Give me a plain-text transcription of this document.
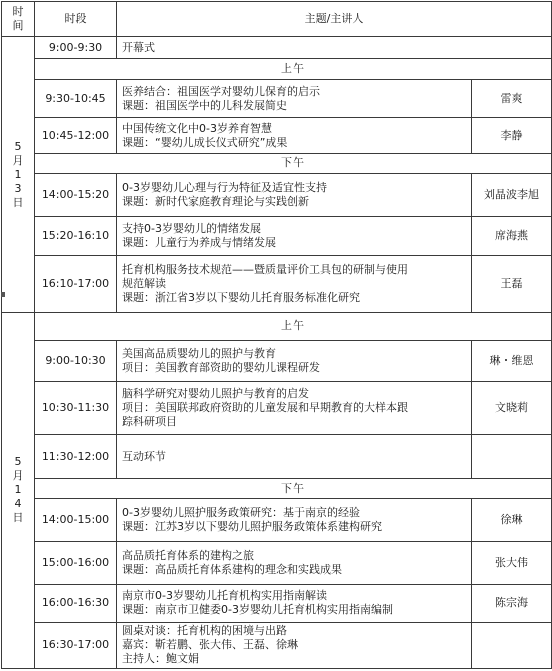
时
间	时段	主题/主讲人	

5
月
1
3
日	9:00-9:30	开幕式	

	上午		
	9:30-10:45	医养结合：祖国医学对婴幼儿保育的启示
课题：祖国医学中的儿科发展简史	雷爽
	10:45-12:00	中国传统文化中0-3岁养育智慧
课题：“婴幼儿成长仪式研究”成果	李静
	下午		
	14:00-15:20	0-3岁婴幼儿心理与行为特征及适宜性支持
课题：新时代家庭教育理论与实践创新	刘晶波李旭
	15:20-16:10	支持0-3岁婴幼儿的情绪发展
课题：儿童行为养成与情绪发展	席海燕
	16:10-17:00	托育机构服务技术规范——暨质量评价工具包的研制与使用
规范解读
课题：浙江省3岁以下婴幼儿托育服务标准化研究	王磊

5
月
1
4
日	上午		
	9:00-10:30	美国高品质婴幼儿的照护与教育
项目：美国教育部资助的婴幼儿课程研发	琳・维恩
	10:30-11:30	脑科学研究对婴幼儿照护与教育的启发
项目：美国联邦政府资助的儿童发展和早期教育的大样本跟
踪科研项目	文晓莉
	11:30-12:00	互动环节	

	下午		
	14:00-15:00	0-3岁婴幼儿照护服务政策研究：基于南京的经验
课题：江苏3岁以下婴幼儿照护服务政策体系建构研究	徐琳
	15:00-16:00	高品质托育体系的建构之旅
课题：高品质托育体系建构的理念和实践成果	张大伟
	16:00-16:30	南京市0-3岁婴幼儿托育机构实用指南解读
课题：南京市卫健委0-3岁婴幼儿托育机构实用指南编制	陈宗海
	16:30-17:00	圆桌对谈：托育机构的困境与出路
嘉宾：靳若鹏、张大伟、王磊、徐琳
主持人：鲍文娟	
